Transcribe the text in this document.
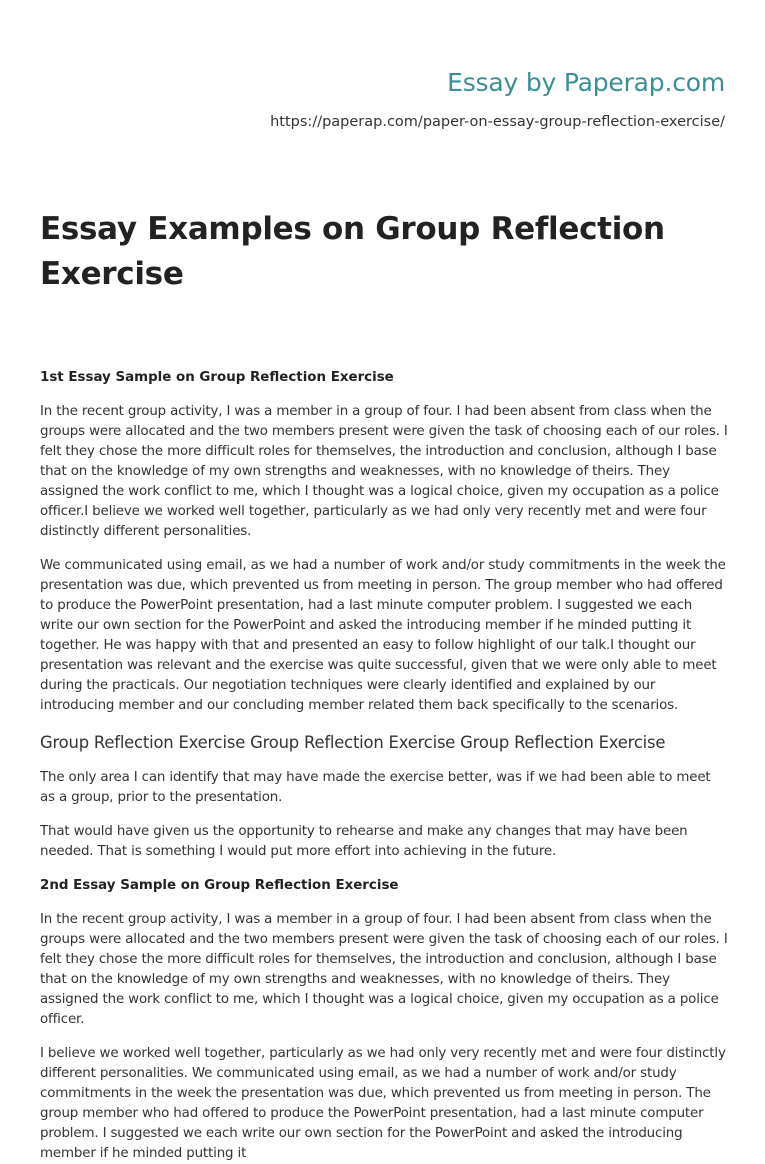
Essay by Paperap.com
https://paperap.com/paper-on-essay-group-reflection-exercise/
Essay Examples on Group Reflection Exercise
1st Essay Sample on Group Reflection Exercise

In the recent group activity, I was a member in a group of four. I had been absent from class when the groups were allocated and the two members present were given the task of choosing each of our roles. I felt they chose the more difficult roles for themselves, the introduction and conclusion, although I base that on the knowledge of my own strengths and weaknesses, with no knowledge of theirs. They assigned the work conflict to me, which I thought was a logical choice, given my occupation as a police officer.I believe we worked well together, particularly as we had only very recently met and were four distinctly different personalities.

We communicated using email, as we had a number of work and/or study commitments in the week the presentation was due, which prevented us from meeting in person. The group member who had offered to produce the PowerPoint presentation, had a last minute computer problem. I suggested we each write our own section for the PowerPoint and asked the introducing member if he minded putting it together. He was happy with that and presented an easy to follow highlight of our talk.I thought our presentation was relevant and the exercise was quite successful, given that we were only able to meet during the practicals. Our negotiation techniques were clearly identified and explained by our introducing member and our concluding member related them back specifically to the scenarios.

Group Reflection Exercise Group Reflection Exercise Group Reflection Exercise

The only area I can identify that may have made the exercise better, was if we had been able to meet as a group, prior to the presentation.

That would have given us the opportunity to rehearse and make any changes that may have been needed. That is something I would put more effort into achieving in the future.

2nd Essay Sample on Group Reflection Exercise

In the recent group activity, I was a member in a group of four. I had been absent from class when the groups were allocated and the two members present were given the task of choosing each of our roles. I felt they chose the more difficult roles for themselves, the introduction and conclusion, although I base that on the knowledge of my own strengths and weaknesses, with no knowledge of theirs. They assigned the work conflict to me, which I thought was a logical choice, given my occupation as a police officer.

I believe we worked well together, particularly as we had only very recently met and were four distinctly different personalities. We communicated using email, as we had a number of work and/or study commitments in the week the presentation was due, which prevented us from meeting in person. The group member who had offered to produce the PowerPoint presentation, had a last minute computer problem. I suggested we each write our own section for the PowerPoint and asked the introducing member if he minded putting it
